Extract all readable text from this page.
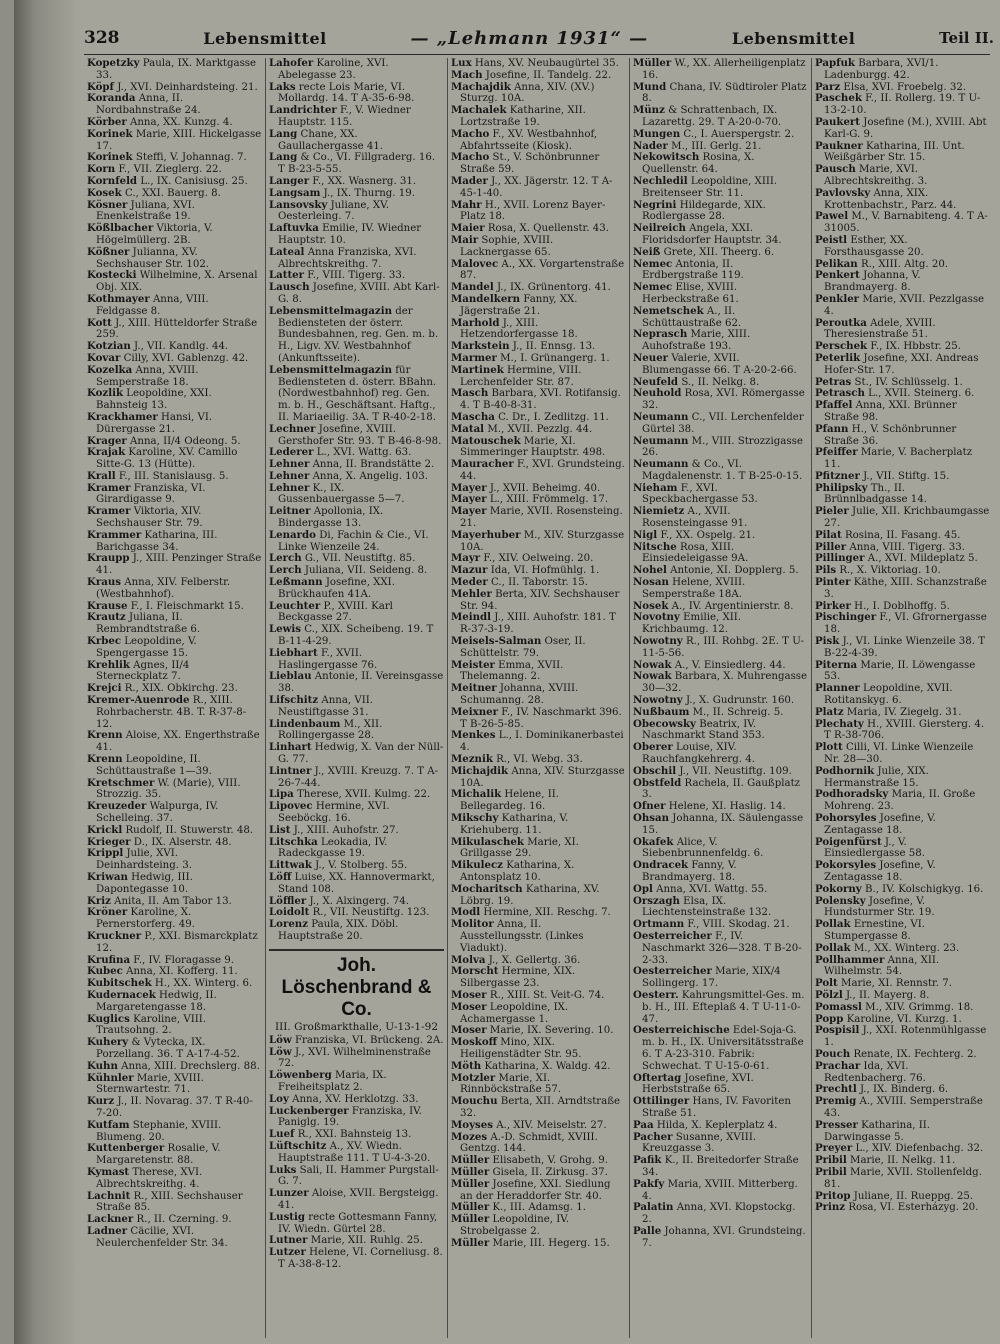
328	Lebensmittel	— „Lehmann 1931“ —	Lebensmittel	Teil II.
Kopetzky Paula, IX. Marktgasse 33.
Köpf J., XVI. Deinhardsteing. 21.
Koranda Anna, II. Nordbahnstraße 24.
Körber Anna, XX. Kunzg. 4.
Korinek Marie, XIII. Hickelgasse 17.
Korinek Steffi, V. Johannag. 7.
Korn F., VII. Zieglerg. 22.
Kornfeld L., IX. Canisiusg. 25.
Kosek C., XXI. Bauerg. 8.
Kösner Juliana, XVI. Enenkelstraße 19.
Kößlbacher Viktoria, V. Högelmüllerg. 2B.
Kößner Julianna, XV. Sechshauser Str. 102.
Kostecki Wilhelmine, X. Arsenal Obj. XIX.
Kothmayer Anna, VIII. Feldgasse 8.
Kott J., XIII. Hütteldorfer Straße 259.
Kotzian J., VII. Kandlg. 44.
Kovar Cilly, XVI. Gablenzg. 42.
Kozelka Anna, XVIII. Semperstraße 18.
Kozlik Leopoldine, XXI. Bahnsteig 13.
Krackhamer Hansi, VI. Dürergasse 21.
Krager Anna, II/4 Odeong. 5.
Krajak Karoline, XV. Camillo Sitte-G. 13 (Hütte).
Krall F., III. Stanislausg. 5.
Kramer Franziska, VI. Girardigasse 9.
Kramer Viktoria, XIV. Sechshauser Str. 79.
Krammer Katharina, III. Barichgasse 34.
Kraupp J., XIII. Penzinger Straße 41.
Kraus Anna, XIV. Felberstr. (Westbahnhof).
Krause F., I. Fleischmarkt 15.
Krautz Juliana, II. Rembrandtstraße 6.
Krbec Leopoldine, V. Spengergasse 15.
Krehlik Agnes, II/4 Sterneckplatz 7.
Krejci R., XIX. Obkirchg. 23.
Kremer-Auenrode R., XIII. Rohrbacherstr. 4B. T. R-37-8-12.
Krenn Aloise, XX. Engerthstraße 41.
Krenn Leopoldine, II. Schüttaustraße 1—39.
Kretschmer W. (Marie), VIII. Strozzig. 35.
Kreuzeder Walpurga, IV. Schelleing. 37.
Krickl Rudolf, II. Stuwerstr. 48.
Krieger D., IX. Alserstr. 48.
Krippl Julie, XVI. Deinhardsteing. 3.
Kriwan Hedwig, III. Dapontegasse 10.
Kriz Anita, II. Am Tabor 13.
Kröner Karoline, X. Pernerstorferg. 49.
Kruckner P., XXI. Bismarckplatz 12.
Krufina F., IV. Floragasse 9.
Kubec Anna, XI. Kofferg. 11.
Kubitschek H., XX. Winterg. 6.
Kudernacek Hedwig, II. Margaretengasse 18.
Kuglics Karoline, VIII. Trautsohng. 2.
Kuhery & Vytecka, IX. Porzellang. 36. T A-17-4-52.
Kuhn Anna, XIII. Drechslerg. 88.
Kühnler Marie, XVIII. Sternwartestr. 71.
Kurz J., II. Novarag. 37. T R-40-7-20.
Kutfam Stephanie, XVIII. Blumeng. 20.
Kuttenberger Rosalie, V. Margaretenstr. 88.
Kymast Therese, XVI. Albrechtskreithg. 4.
Lachnit R., XIII. Sechshauser Straße 85.
Lackner R., II. Czerning. 9.
Ladner Cäcilie, XVI. Neulerchenfelder Str. 34.
Lahofer Karoline, XVI. Abelegasse 23.
Laks recte Lois Marie, VI. Mollardg. 14. T A-35-6-98.
Landrichter F., V. Wiedner Hauptstr. 115.
Lang Chane, XX. Gaullachergasse 41.
Lang & Co., VI. Fillgraderg. 16. T B-23-5-55.
Langer F., XX. Wasnerg. 31.
Langsam J., IX. Thurng. 19.
Lansovsky Juliane, XV. Oesterleing. 7.
Laftuvka Emilie, IV. Wiedner Hauptstr. 10.
Lateal Anna Franziska, XVI. Albrechtskreithg. 7.
Latter F., VIII. Tigerg. 33.
Lausch Josefine, XVIII. Abt Karl-G. 8.
Lebensmittelmagazin der Bediensteten der österr. Bundesbahnen, reg. Gen. m. b. H., Ligv. XV. Westbahnhof (Ankunftsseite).
Lebensmittelmagazin für Bediensteten d. österr. BBahn. (Nordwestbahnhof) reg. Gen. m. b. H., Geschäftsant. Haftg., II. Mariaeilig. 3A. T R-40-2-18.
Lechner Josefine, XVIII. Gersthofer Str. 93. T B-46-8-98.
Lederer L., XVI. Wattg. 63.
Lehner Anna, II. Brandstätte 2.
Lehner Anna, X. Angelig. 103.
Lehner K., IX. Gussenbauergasse 5—7.
Leitner Apollonia, IX. Bindergasse 13.
Lenardo Di, Fachin & Cie., VI. Linke Wienzeile 24.
Lerch G., VII. Neustiftg. 85.
Lerch Juliana, VII. Seideng. 8.
Leßmann Josefine, XXI. Brückhaufen 41A.
Leuchter P., XVIII. Karl Beckgasse 27.
Lewis C., XIX. Scheibeng. 19. T B-11-4-29.
Liebhart F., XVII. Haslingergasse 76.
Lieblau Antonie, II. Vereinsgasse 38.
Lifschitz Anna, VII. Neustiftgasse 31.
Lindenbaum M., XII. Rollingergasse 28.
Linhart Hedwig, X. Van der Nüll-G. 77.
Lintner J., XVIII. Kreuzg. 7. T A-26-7-44.
Lipa Therese, XVII. Kulmg. 22.
Lipovec Hermine, XVI. Seeböckg. 16.
List J., XIII. Auhofstr. 27.
Litschka Leokadia, IV. Radeckgasse 19.
Littwak J., V. Stolberg. 55.
Löff Luise, XX. Hannovermarkt, Stand 108.
Löffler J., X. Alxingerg. 74.
Loidolt R., VII. Neustiftg. 123.
Lorenz Paula, XIX. Döbl. Hauptstraße 20.
Joh. Löschenbrand & Co.
III. Großmarkthalle, U-13-1-92
Löw Franziska, VI. Brückeng. 2A.
Löw J., XVI. Wilhelminenstraße 72.
Löwenberg Maria, IX. Freiheitsplatz 2.
Loy Anna, XV. Herklotzg. 33.
Luckenberger Franziska, IV. Paniglg. 19.
Luef R., XXI. Bahnsteig 13.
Lüftschitz A., XV. Wiedn. Hauptstraße 111. T U-4-3-20.
Luks Sali, II. Hammer Purgstall-G. 7.
Lunzer Aloise, XVII. Bergsteigg. 41.
Lustig recte Gottesmann Fanny, IV. Wiedn. Gürtel 28.
Lutner Marie, XII. Ruhlg. 25.
Lutzer Helene, VI. Corneliusg. 8. T A-38-8-12.
Lux Hans, XV. Neubaugürtel 35.
Mach Josefine, II. Tandelg. 22.
Machajdik Anna, XIV. (XV.) Sturzg. 10A.
Machalek Katharine, XII. Lortzstraße 19.
Macho F., XV. Westbahnhof, Abfahrtsseite (Kiosk).
Macho St., V. Schönbrunner Straße 59.
Mader J., XX. Jägerstr. 12. T A-45-1-40.
Mahr H., XVII. Lorenz Bayer-Platz 18.
Maier Rosa, X. Quellenstr. 43.
Mair Sophie, XVIII. Lacknergasse 65.
Malovec A., XX. Vorgartenstraße 87.
Mandel J., IX. Grünentorg. 41.
Mandelkern Fanny, XX. Jägerstraße 21.
Marhold J., XIII. Hetzendorfergasse 18.
Markstein J., II. Ennsg. 13.
Marmer M., I. Grünangerg. 1.
Martinek Hermine, VIII. Lerchenfelder Str. 87.
Masch Barbara, XVI. Rotifansig. 4. T B-40-8-31.
Mascha C. Dr., I. Zedlitzg. 11.
Matal M., XVII. Pezzlg. 44.
Matouschek Marie, XI. Simmeringer Hauptstr. 498.
Mauracher F., XVI. Grundsteing. 44.
Mayer J., XVII. Beheimg. 40.
Mayer L., XIII. Frömmelg. 17.
Mayer Marie, XVII. Rosensteing. 21.
Mayerhuber M., XIV. Sturzgasse 10A.
Mayr F., XIV. Oelweing. 20.
Mazur Ida, VI. Hofmühlg. 1.
Meder C., II. Taborstr. 15.
Mehler Berta, XIV. Sechshauser Str. 94.
Meindl J., XIII. Auhofstr. 181. T R-37-3-19.
Meisels-Salman Oser, II. Schüttelstr. 79.
Meister Emma, XVII. Thelemanng. 2.
Meitner Johanna, XVIII. Schumanng. 28.
Meixner F., IV. Naschmarkt 396. T B-26-5-85.
Menkes L., I. Dominikanerbastei 4.
Meznik R., VI. Webg. 33.
Michajdik Anna, XIV. Sturzgasse 10A.
Michalik Helene, II. Bellegardeg. 16.
Mikschy Katharina, V. Kriehuberg. 11.
Mikulaschek Marie, XI. Grillgasse 29.
Mikulecz Katharina, X. Antonsplatz 10.
Mocharitsch Katharina, XV. Löbrg. 19.
Modl Hermine, XII. Reschg. 7.
Molitor Anna, II. Ausstellungsstr. (Linkes Viadukt).
Molva J., X. Gellertg. 36.
Morscht Hermine, XIX. Silbergasse 23.
Moser R., XIII. St. Veit-G. 74.
Moser Leopoldine, IX. Achamergasse 1.
Moser Marie, IX. Severing. 10.
Moskoff Mino, XIX. Heiligenstädter Str. 95.
Möth Katharina, X. Waldg. 42.
Motzler Marie, XI. Rinnböckstraße 57.
Mouchu Berta, XII. Arndtstraße 32.
Moyses A., XIV. Meiselstr. 27.
Mozes A.-D. Schmidt, XVIII. Gentzg. 144.
Müller Elisabeth, V. Grohg. 9.
Müller Gisela, II. Zirkusg. 37.
Müller Josefine, XXI. Siedlung an der Heraddorfer Str. 40.
Müller K., III. Adamsg. 1.
Müller Leopoldine, IV. Strobelgasse 2.
Müller Marie, III. Hegerg. 15.
Müller W., XX. Allerheiligenplatz 16.
Mund Chana, IV. Südtiroler Platz 8.
Münz & Schrattenbach, IX. Lazarettg. 29. T A-20-0-70.
Mungen C., I. Auerspergstr. 2.
Nader M., III. Gerlg. 21.
Nekowitsch Rosina, X. Quellenstr. 64.
Nechledil Leopoldine, XIII. Breitenseer Str. 11.
Negrini Hildegarde, XIX. Rodlergasse 28.
Neilreich Angela, XXI. Floridsdorfer Hauptstr. 34.
Neiß Grete, XII. Theerg. 6.
Nemec Antonia, II. Erdbergstraße 119.
Nemec Elise, XVIII. Herbeckstraße 61.
Nemetschek A., II. Schüttaustraße 62.
Neprasch Marie, XIII. Auhofstraße 193.
Neuer Valerie, XVII. Blumengasse 66. T A-20-2-66.
Neufeld S., II. Nelkg. 8.
Neuhold Rosa, XVI. Römergasse 32.
Neumann C., VII. Lerchenfelder Gürtel 38.
Neumann M., VIII. Strozzigasse 26.
Neumann & Co., VI. Magdalenenstr. 1. T B-25-0-15.
Nieham F., XVI. Speckbachergasse 53.
Niemietz A., XVII. Rosensteingasse 91.
Nigl F., XX. Ospelg. 21.
Nitsche Rosa, XIII. Einsiedeleigasse 9A.
Nohel Antonie, XI. Dopplerg. 5.
Nosan Helene, XVIII. Semperstraße 18A.
Nosek A., IV. Argentinierstr. 8.
Novotny Emilie, XII. Krichbaumg. 12.
Nowotny R., III. Rohbg. 2E. T U-11-5-56.
Nowak A., V. Einsiedlerg. 44.
Nowak Barbara, X. Muhrengasse 30—32.
Nowotny J., X. Gudrunstr. 160.
Nußbaum M., II. Schreig. 5.
Obecowsky Beatrix, IV. Naschmarkt Stand 353.
Oberer Louise, XIV. Rauchfangkehrerg. 4.
Obschil J., VII. Neustiftg. 109.
Obstfeld Rachela, II. Gaußplatz 3.
Ofner Helene, XI. Haslig. 14.
Ohsan Johanna, IX. Säulengasse 15.
Okafek Alice, V. Siebenbrunnenfeldg. 6.
Ondracek Fanny, V. Brandmayerg. 18.
Opl Anna, XVI. Wattg. 55.
Orszagh Elsa, IX. Liechtensteinstraße 132.
Ortmann F., VIII. Skodag. 21.
Oesterreicher F., IV. Naschmarkt 326—328. T B-20-2-33.
Oesterreicher Marie, XIX/4 Sollingerg. 17.
Oesterr. Kahrungsmittel-Ges. m. b. H., III. Efteplaß 4. T U-11-0-47.
Oesterreichische Edel-Soja-G. m. b. H., IX. Universitätsstraße 6. T A-23-310. Fabrik: Schwechat. T U-15-0-61.
Oftertag Josefine, XVI. Herbststraße 65.
Ottilinger Hans, IV. Favoriten Straße 51.
Paa Hilda, X. Keplerplatz 4.
Pacher Susanne, XVIII. Kreuzgasse 3.
Pafik K., II. Breitedorfer Straße 34.
Pakfy Maria, XVIII. Mitterberg. 4.
Palatin Anna, XVI. Klopstockg. 2.
Palle Johanna, XVI. Grundsteing. 7.
Papfuk Barbara, XVI/1. Ladenburgg. 42.
Parz Elsa, XVI. Froebelg. 32.
Paschek F., II. Rollerg. 19. T U-13-2-10.
Paukert Josefine (M.), XVIII. Abt Karl-G. 9.
Paukner Katharina, III. Unt. Weißgärber Str. 15.
Pausch Marie, XVI. Albrechtskreithg. 3.
Pavlovsky Anna, XIX. Krottenbachstr., Parz. 44.
Pawel M., V. Barnabiteng. 4. T A-31005.
Peistl Esther, XX. Forsthausgasse 20.
Pelikan R., XIII. Altg. 20.
Penkert Johanna, V. Brandmayerg. 8.
Penkler Marie, XVII. Pezzlgasse 4.
Peroutka Adele, XVIII. Theresienstraße 51.
Perschek F., IX. Hbbstr. 25.
Peterlik Josefine, XXI. Andreas Hofer-Str. 17.
Petras St., IV. Schlüsselg. 1.
Petrasch L., XVII. Steinerg. 6.
Pfaffel Anna, XXI. Brünner Straße 98.
Pfann H., V. Schönbrunner Straße 36.
Pfeiffer Marie, V. Bacherplatz 11.
Pfitzner J., VII. Stiftg. 15.
Philipsky Th., II. Brünnlbadgasse 14.
Pieler Julie, XII. Krichbaumgasse 27.
Pilat Rosina, II. Fasang. 45.
Piller Anna, VIII. Tigerg. 33.
Pillinger A., XVI. Mildeplatz 5.
Pils R., X. Viktoriag. 10.
Pinter Käthe, XIII. Schanzstraße 3.
Pirker H., I. Doblhoffg. 5.
Pischinger F., VI. Gfrornergasse 18.
Pisk J., VI. Linke Wienzeile 38. T B-22-4-39.
Piterna Marie, II. Löwengasse 53.
Planner Leopoldine, XVII. Rotitanskyg. 6.
Platz Maria, IV. Ziegelg. 31.
Plechaty H., XVIII. Giersterg. 4. T R-38-706.
Plott Cilli, VI. Linke Wienzeile Nr. 28—30.
Podhornik Julie, XIX. Hermanstraße 15.
Podhoradsky Maria, II. Große Mohreng. 23.
Pohorsyles Josefine, V. Zentagasse 18.
Poigenfürst J., V. Einsiedlergasse 58.
Pokorsyles Josefine, V. Zentagasse 18.
Pokorny B., IV. Kolschigkyg. 16.
Polensky Josefine, V. Hundsturmer Str. 19.
Pollak Ernestine, VI. Stumpergasse 8.
Pollak M., XX. Winterg. 23.
Pollhammer Anna, XII. Wilhelmstr. 54.
Polt Marie, XI. Rennstr. 7.
Pölzl J., II. Mayerg. 8.
Pomassl M., XIV. Grimmg. 18.
Popp Karoline, VI. Kurzg. 1.
Pospisil J., XXI. Rotenmühlgasse 1.
Pouch Renate, IX. Fechterg. 2.
Prachar Ida, XVI. Redtenbacherg. 76.
Prechtl J., IX. Binderg. 6.
Premig A., XVIII. Semperstraße 43.
Presser Katharina, II. Darwingasse 5.
Preyer L., XIV. Diefenbachg. 32.
Pribil Marie, II. Nelkg. 11.
Pribil Marie, XVII. Stollenfeldg. 81.
Pritop Juliane, II. Rueppg. 25.
Prinz Rosa, VI. Esterházyg. 20.
